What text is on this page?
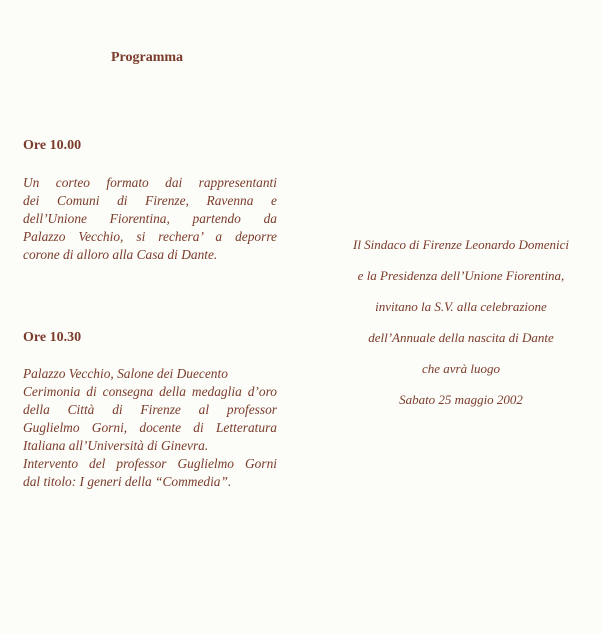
Programma
Ore 10.00
Un corteo formato dai rappresentanti
dei Comuni di Firenze, Ravenna e
dell’Unione Fiorentina, partendo da
Palazzo Vecchio, si rechera’ a deporre
corone di alloro alla Casa di Dante.
Ore 10.30
Palazzo Vecchio, Salone dei Duecento
Cerimonia di consegna della medaglia d’oro
della Città di Firenze al professor
Guglielmo Gorni, docente di Letteratura
Italiana all’Università di Ginevra.
Intervento del professor Guglielmo Gorni
dal titolo: I generi della “Commedia”.
Il Sindaco di Firenze Leonardo Domenici
e la Presidenza dell’Unione Fiorentina,
invitano la S.V. alla celebrazione
dell’Annuale della nascita di Dante
che avrà luogo
Sabato 25 maggio 2002
